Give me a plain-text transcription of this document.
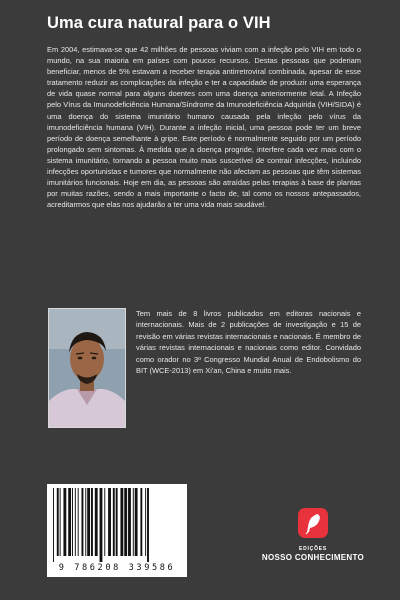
Uma cura natural para o VIH

Em 2004, estimava-se que 42 milhões de pessoas viviam com a infeção pelo VIH em todo o mundo, na sua maioria em países com poucos recursos. Destas pessoas que poderiam beneficiar, menos de 5% estavam a receber terapia antirretroviral combinada, apesar de esse tratamento reduzir as complicações da infeção e ter a capacidade de produzir uma esperança de vida quase normal para alguns doentes com uma doença anteriormente letal. A Infeção pelo Vírus da Imunodeficiência Humana/Síndrome da Imunodeficiência Adquirida (VIH/SIDA) é uma doença do sistema imunitário humano causada pela infeção pelo vírus da imunodeficiência humana (VIH). Durante a infeção inicial, uma pessoa pode ter um breve período de doença semelhante à gripe. Este período é normalmente seguido por um período prolongado sem sintomas. À medida que a doença progride, interfere cada vez mais com o sistema imunitário, tornando a pessoa muito mais suscetível de contrair infecções, incluindo infecções oportunistas e tumores que normalmente não afectam as pessoas que têm sistemas imunitários funcionais. Hoje em dia, as pessoas são atraídas pelas terapias à base de plantas por muitas razões, sendo a mais importante o facto de, tal como os nossos antepassados, acreditarmos que elas nos ajudarão a ter uma vida mais saudável.

Tem mais de 8 livros publicados em editoras nacionais e internacionais. Mais de 2 publicações de investigação e 15 de revisão em várias revistas internacionais e nacionais. É membro de várias revistas internacionais e nacionais como editor. Convidado como orador no 3º Congresso Mundial Anual de Endobolismo do BIT (WCE-2013) em Xi'an, China e muito mais.

9 786208 339586
EDIÇÕES
NOSSO CONHECIMENTO
